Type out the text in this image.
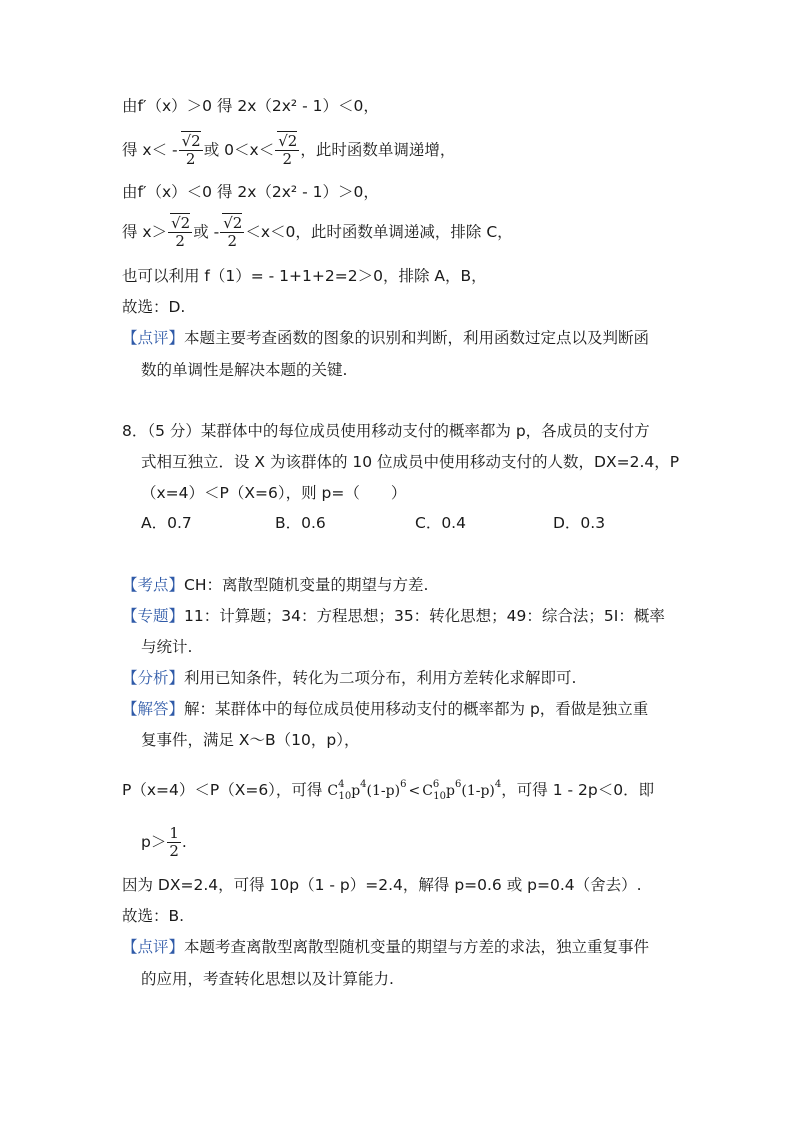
由f′（x）＞0 得 2x（2x² - 1）＜0，
得 $x< - \frac{√2}{2}$ 或 $0<x< \frac{√2}{2}$ ，此时函数单调递增，
由f′（x）＜0 得 2x（2x² - 1）＞0，
得 $x> \frac{√2}{2}$ 或 - $\frac{√2}{2} <x<0$，此时函数单调递减，排除 C，
也可以利用 f（1）= - 1+1+2=2＞0，排除 A，B，
故选：D.
【点评】本题主要考查函数的图象的识别和判断，利用函数过定点以及判断函
数的单调性是解决本题的关键.
8．（5 分）某群体中的每位成员使用移动支付的概率都为 p，各成员的支付方
式相互独立．设 X 为该群体的 10 位成员中使用移动支付的人数，DX=2.4，P
（x=4）＜P（X=6），则 p=（　　）
A．0.7	B．0.6	C．0.4	D．0.3
【考点】CH：离散型随机变量的期望与方差.
【专题】11：计算题；34：方程思想；35：转化思想；49：综合法；5I：概率
与统计.
【分析】利用已知条件，转化为二项分布，利用方差转化求解即可.
【解答】解：某群体中的每位成员使用移动支付的概率都为 p，看做是独立重
复事件，满足 X～B（10，p），
P（x=4）＜P（X=6），可得 $C^4_{10}p^4(1-p)^6 < C^6_{10}p^6(1-p)^4$，可得 1 - 2p＜0．即
$p> \frac{1}{2}$ .
因为 DX=2.4，可得 10p（1 - p）=2.4，解得 p=0.6 或 p=0.4（舍去）.
故选：B.
【点评】本题考查离散型离散型随机变量的期望与方差的求法，独立重复事件
的应用，考查转化思想以及计算能力.
